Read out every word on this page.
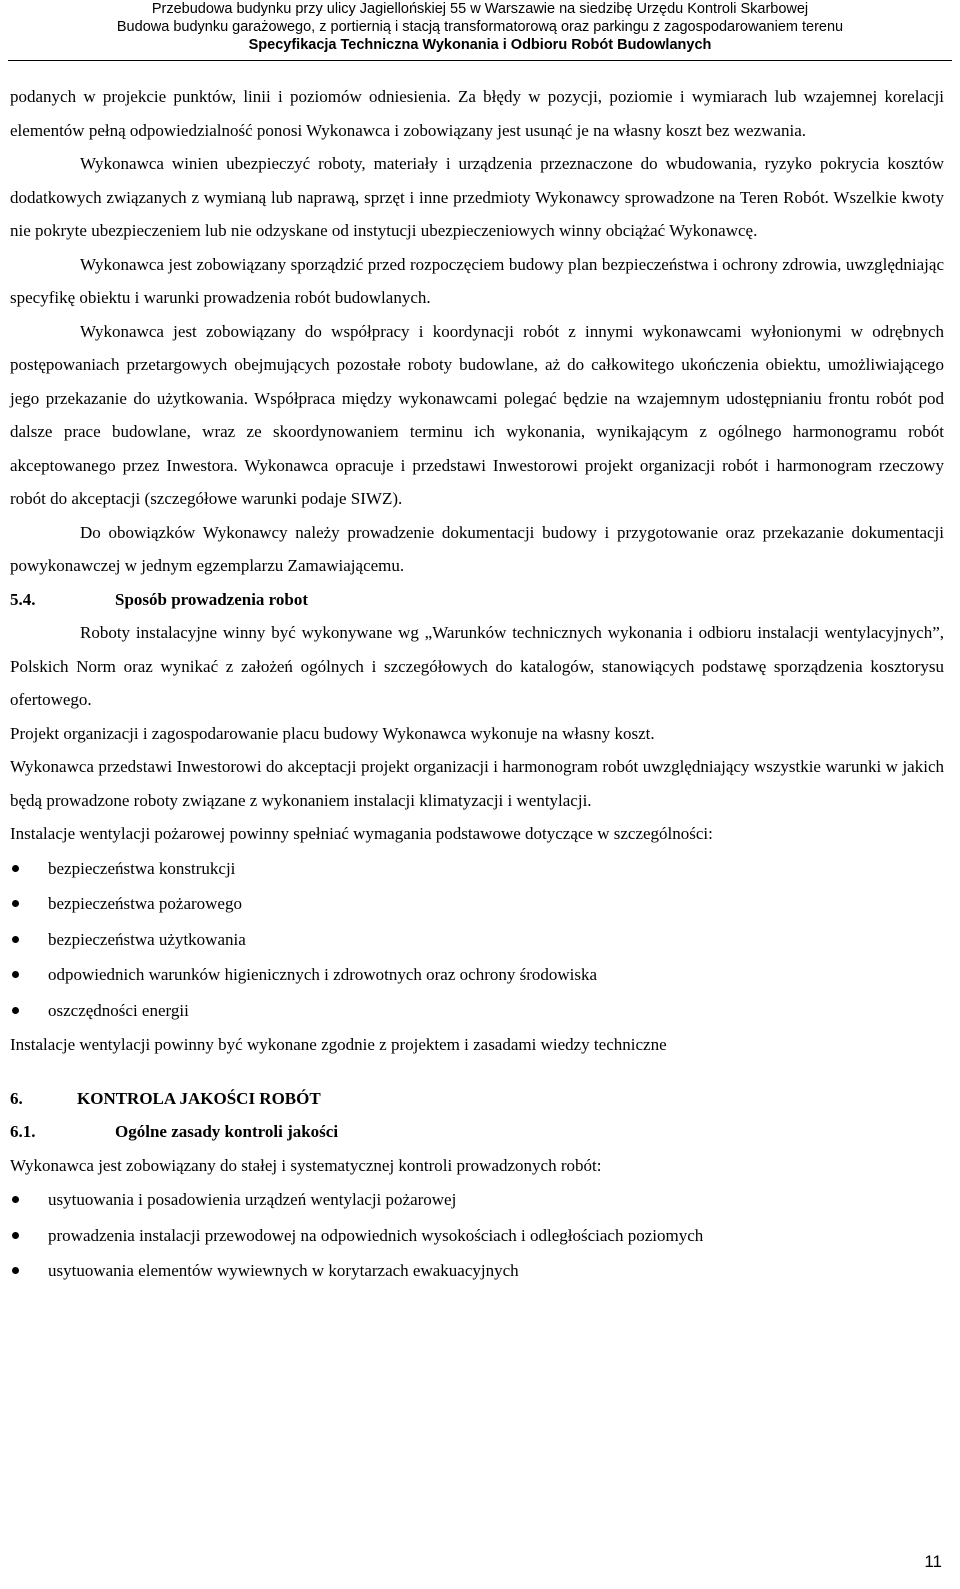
Przebudowa budynku przy ulicy Jagiellońskiej 55 w Warszawie na siedzibę Urzędu Kontroli Skarbowej
Budowa budynku garażowego, z portiernią i stacją transformatorową oraz parkingu z zagospodarowaniem terenu
Specyfikacja Techniczna Wykonania i Odbioru Robót Budowlanych

podanych w projekcie punktów, linii i poziomów odniesienia. Za błędy w pozycji, poziomie i wymiarach lub wzajemnej korelacji elementów pełną odpowiedzialność ponosi Wykonawca i zobowiązany jest usunąć je na własny koszt bez wezwania.

Wykonawca winien ubezpieczyć roboty, materiały i urządzenia przeznaczone do wbudowania, ryzyko pokrycia kosztów dodatkowych związanych z wymianą lub naprawą, sprzęt i inne przedmioty Wykonawcy sprowadzone na Teren Robót. Wszelkie kwoty nie pokryte ubezpieczeniem lub nie odzyskane od instytucji ubezpieczeniowych winny obciążać Wykonawcę.

Wykonawca jest zobowiązany sporządzić przed rozpoczęciem budowy plan bezpieczeństwa i ochrony zdrowia, uwzględniając specyfikę obiektu i warunki prowadzenia robót budowlanych.

Wykonawca jest zobowiązany do współpracy i koordynacji robót z innymi wykonawcami wyłonionymi w odrębnych postępowaniach przetargowych obejmujących pozostałe roboty budowlane, aż do całkowitego ukończenia obiektu, umożliwiającego jego przekazanie do użytkowania. Współpraca między wykonawcami polegać będzie na wzajemnym udostępnianiu frontu robót pod dalsze prace budowlane, wraz ze skoordynowaniem terminu ich wykonania, wynikającym z ogólnego harmonogramu robót akceptowanego przez Inwestora. Wykonawca opracuje i przedstawi Inwestorowi projekt organizacji robót i harmonogram rzeczowy robót do akceptacji (szczegółowe warunki podaje SIWZ).

Do obowiązków Wykonawcy należy prowadzenie dokumentacji budowy i przygotowanie oraz przekazanie dokumentacji powykonawczej w jednym egzemplarzu Zamawiającemu.

5.4.	Sposób prowadzenia robot

Roboty instalacyjne winny być wykonywane wg „Warunków technicznych wykonania i odbioru instalacji wentylacyjnych”, Polskich Norm oraz wynikać z założeń ogólnych i szczegółowych do katalogów, stanowiących podstawę sporządzenia kosztorysu ofertowego.

Projekt organizacji i zagospodarowanie placu budowy Wykonawca wykonuje na własny koszt.

Wykonawca przedstawi Inwestorowi do akceptacji projekt organizacji i harmonogram robót uwzględniający wszystkie warunki w jakich będą prowadzone roboty związane z wykonaniem instalacji klimatyzacji i wentylacji.

Instalacje wentylacji pożarowej powinny spełniać wymagania podstawowe dotyczące w szczególności:

bezpieczeństwa konstrukcji
bezpieczeństwa pożarowego
bezpieczeństwa użytkowania
odpowiednich warunków higienicznych i zdrowotnych oraz ochrony środowiska
oszczędności energii

Instalacje wentylacji powinny być wykonane zgodnie z projektem i zasadami wiedzy techniczne

6.	KONTROLA JAKOŚCI ROBÓT
6.1.	Ogólne zasady kontroli jakości

Wykonawca jest zobowiązany do stałej i systematycznej kontroli prowadzonych robót:

usytuowania i posadowienia urządzeń wentylacji pożarowej
prowadzenia instalacji przewodowej na odpowiednich wysokościach i odległościach poziomych
usytuowania elementów wywiewnych w korytarzach ewakuacyjnych
11
